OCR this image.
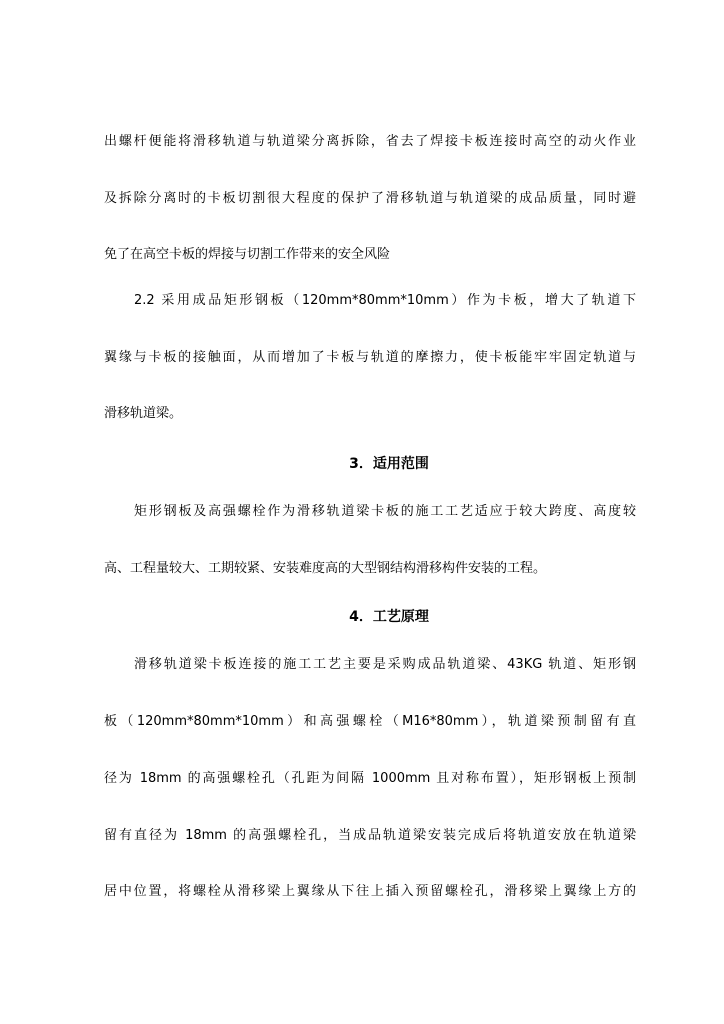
出螺杆便能将滑移轨道与轨道梁分离拆除，省去了焊接卡板连接时高空的动火作业
及拆除分离时的卡板切割很大程度的保护了滑移轨道与轨道梁的成品质量，同时避
免了在高空卡板的焊接与切割工作带来的安全风险
2.2 采用成品矩形钢板（120mm*80mm*10mm）作为卡板，增大了轨道下
翼缘与卡板的接触面，从而增加了卡板与轨道的摩擦力，使卡板能牢牢固定轨道与
滑移轨道梁。
3．适用范围
矩形钢板及高强螺栓作为滑移轨道梁卡板的施工工艺适应于较大跨度、高度较
高、工程量较大、工期较紧、安装难度高的大型钢结构滑移构件安装的工程。
4．工艺原理
滑移轨道梁卡板连接的施工工艺主要是采购成品轨道梁、43KG 轨道、矩形钢
板（120mm*80mm*10mm）和高强螺栓（M16*80mm），轨道梁预制留有直
径为 18mm 的高强螺栓孔（孔距为间隔 1000mm 且对称布置），矩形钢板上预制
留有直径为 18mm 的高强螺栓孔，当成品轨道梁安装完成后将轨道安放在轨道梁
居中位置，将螺栓从滑移梁上翼缘从下往上插入预留螺栓孔，滑移梁上翼缘上方的
